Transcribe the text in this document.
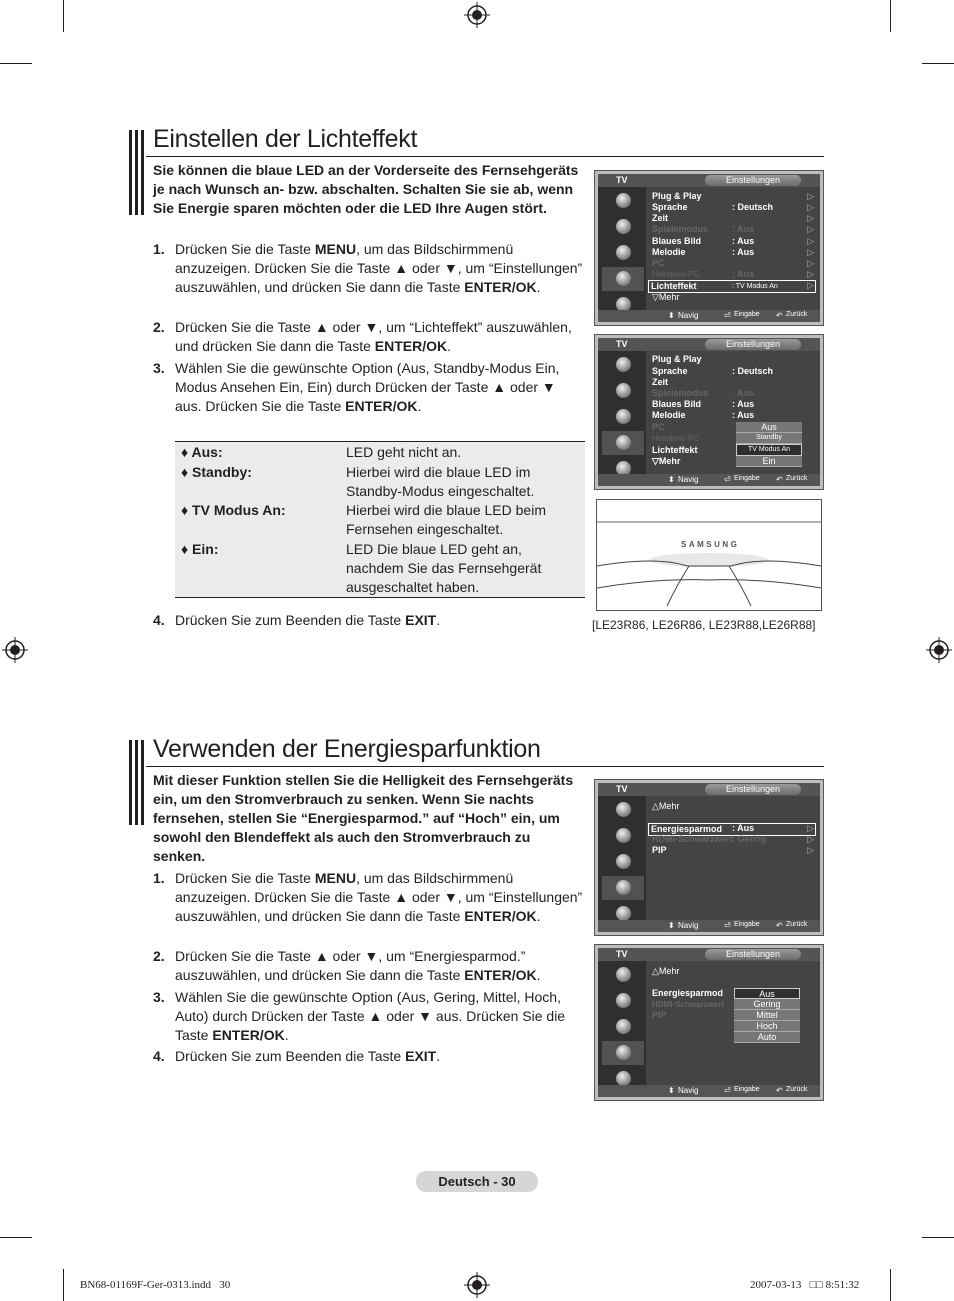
Einstellen der Lichteffekt
Sie können die blaue LED an der Vorderseite des Fernsehgeräts je nach Wunsch an- bzw. abschalten. Schalten Sie sie ab, wenn Sie Energie sparen möchten oder die LED Ihre Augen stört.
1. Drücken Sie die Taste MENU, um das Bildschirmmenü anzuzeigen. Drücken Sie die Taste ▲ oder ▼, um “Einstellungen” auszuwählen, und drücken Sie dann die Taste ENTER/OK.
2. Drücken Sie die Taste ▲ oder ▼, um “Lichteffekt” auszuwählen, und drücken Sie dann die Taste ENTER/OK.
3. Wählen Sie die gewünschte Option (Aus, Standby-Modus Ein, Modus Ansehen Ein, Ein) durch Drücken der Taste ▲ oder ▼ aus. Drücken Sie die Taste ENTER/OK.
♦ Aus:	LED geht nicht an.
♦ Standby:	Hierbei wird die blaue LED im Standby-Modus eingeschaltet.
♦ TV Modus An:	Hierbei wird die blaue LED beim Fernsehen eingeschaltet.
♦ Ein:	LED Die blaue LED geht an, nachdem Sie das Fernsehgerät ausgeschaltet haben.
4. Drücken Sie zum Beenden die Taste EXIT.
TV	Einstellungen
Plug & Play	▷
Sprache	: Deutsch	▷
Zeit	▷
Spielemodus	: Aus	▷
Blaues Bild	: Aus	▷
Melodie	: Aus	▷
PC	▷
Heimkino-PC	: Aus	▷
Lichteffekt	: TV Modus An	▷
▽Mehr
⬍ Navig	⏎ Eingabe ↶ Zurück
TV	Einstellungen
Plug & Play
Sprache	: Deutsch
Zeit
Spielemodus	: Aus
Blaues Bild	: Aus
Melodie	: Aus
PC
Heimkino-PC
Lichteffekt
▽Mehr
Aus
Standby
TV Modus An
Ein
⬍ Navig	⏎ Eingabe ↶ Zurück
SAMSUNG
[LE23R86, LE26R86, LE23R88,LE26R88]
Verwenden der Energiesparfunktion
Mit dieser Funktion stellen Sie die Helligkeit des Fernsehgeräts ein, um den Stromverbrauch zu senken. Wenn Sie nachts fernsehen, stellen Sie “Energiesparmod.” auf “Hoch” ein, um sowohl den Blendeffekt als auch den Stromverbrauch zu senken.
1. Drücken Sie die Taste MENU, um das Bildschirmmenü anzuzeigen. Drücken Sie die Taste ▲ oder ▼, um “Einstellungen” auszuwählen, und drücken Sie dann die Taste ENTER/OK.
2. Drücken Sie die Taste ▲ oder ▼, um “Energiesparmod.” auszuwählen, und drücken Sie dann die Taste ENTER/OK.
3. Wählen Sie die gewünschte Option (Aus, Gering, Mittel, Hoch, Auto) durch Drücken der Taste ▲ oder ▼ aus. Drücken Sie die Taste ENTER/OK.
4. Drücken Sie zum Beenden die Taste EXIT.
TV	Einstellungen
△Mehr
Energiesparmod	: Aus	▷
HDMI-Schwarzwert
: Gering	▷
PIP	▷
⬍ Navig	⏎ Eingabe ↶ Zurück
TV	Einstellungen
△Mehr
Energiesparmod
HDMI-Schwarzwert
PIP
Aus
Gering
Mittel
Hoch
Auto
⬍ Navig	⏎ Eingabe ↶ Zurück
Deutsch - 30
BN68-01169F-Ger-0313.indd   30	2007-03-13   □□ 8:51:32
